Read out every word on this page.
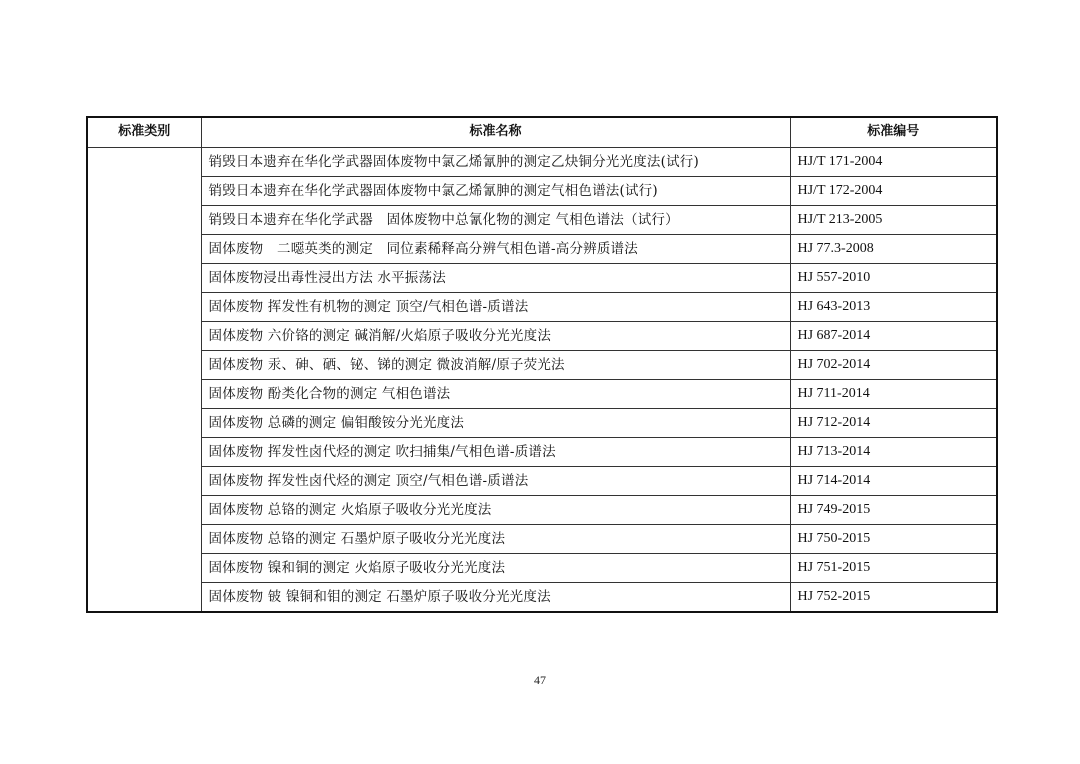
标准类别	标准名称	标准编号
	销毁日本遗弃在华化学武器固体废物中氯乙烯氰肿的测定乙炔铜分光光度法(试行)	HJ/T 171-2004
	销毁日本遗弃在华化学武器固体废物中氯乙烯氰胂的测定气相色谱法(试行)	HJ/T 172-2004
	销毁日本遗弃在华化学武器　固体废物中总氰化物的测定 气相色谱法（试行）	HJ/T 213-2005
	固体废物　二噁英类的测定　同位素稀释高分辨气相色谱-高分辨质谱法	HJ 77.3-2008
	固体废物浸出毒性浸出方法 水平振荡法	HJ 557-2010
	固体废物 挥发性有机物的测定 顶空/气相色谱-质谱法	HJ 643-2013
	固体废物 六价铬的测定 碱消解/火焰原子吸收分光光度法	HJ 687-2014
	固体废物 汞、砷、硒、铋、锑的测定 微波消解/原子荧光法	HJ 702-2014
	固体废物 酚类化合物的测定 气相色谱法	HJ 711-2014
	固体废物 总磷的测定 偏钼酸铵分光光度法	HJ 712-2014
	固体废物 挥发性卤代烃的测定 吹扫捕集/气相色谱-质谱法	HJ 713-2014
	固体废物 挥发性卤代烃的测定 顶空/气相色谱-质谱法	HJ 714-2014
	固体废物 总铬的测定 火焰原子吸收分光光度法	HJ 749-2015
	固体废物 总铬的测定 石墨炉原子吸收分光光度法	HJ 750-2015
	固体废物 镍和铜的测定 火焰原子吸收分光光度法	HJ 751-2015
	固体废物 铍 镍铜和钼的测定 石墨炉原子吸收分光光度法	HJ 752-2015
47
